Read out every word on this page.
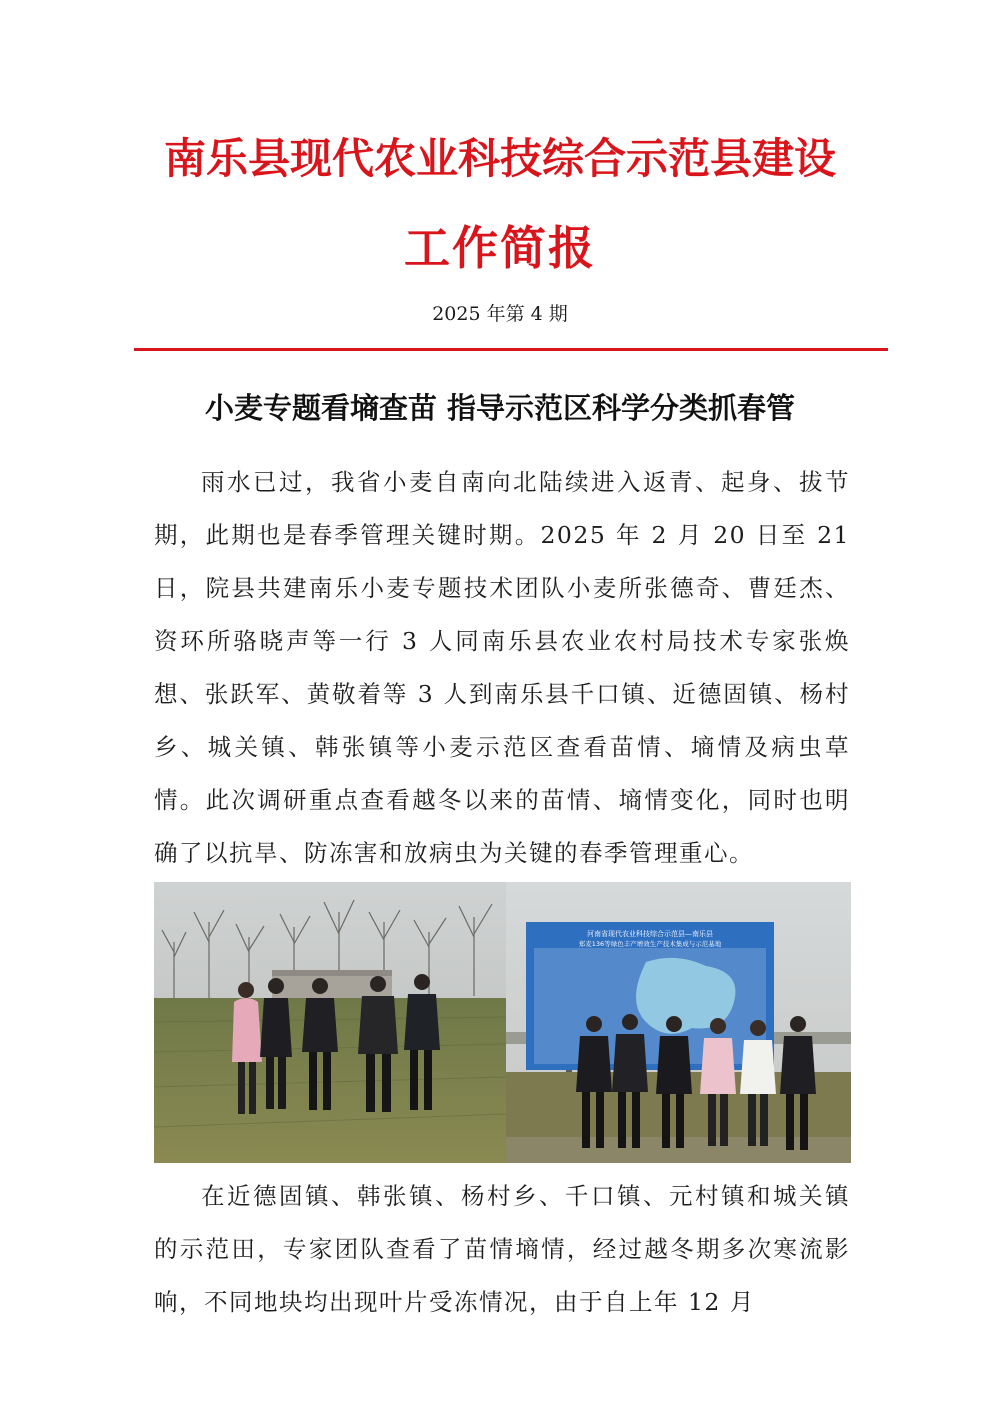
南乐县现代农业科技综合示范县建设
工作简报
2025 年第 4 期
小麦专题看墒查苗 指导示范区科学分类抓春管

雨水已过，我省小麦自南向北陆续进入返青、起身、拔节期，此期也是春季管理关键时期。2025 年 2 月 20 日至 21 日，院县共建南乐小麦专题技术团队小麦所张德奇、曹廷杰、资环所骆晓声等一行 3 人同南乐县农业农村局技术专家张焕想、张跃军、黄敬着等 3 人到南乐县千口镇、近德固镇、杨村乡、城关镇、韩张镇等小麦示范区查看苗情、墒情及病虫草情。此次调研重点查看越冬以来的苗情、墒情变化，同时也明确了以抗旱、防冻害和放病虫为关键的春季管理重心。

河南省现代农业科技综合示范县—南乐县
郑麦136等绿色丰产增效生产技术集成与示范基地

在近德固镇、韩张镇、杨村乡、千口镇、元村镇和城关镇的示范田，专家团队查看了苗情墒情，经过越冬期多次寒流影响，不同地块均出现叶片受冻情况，由于自上年 12 月
